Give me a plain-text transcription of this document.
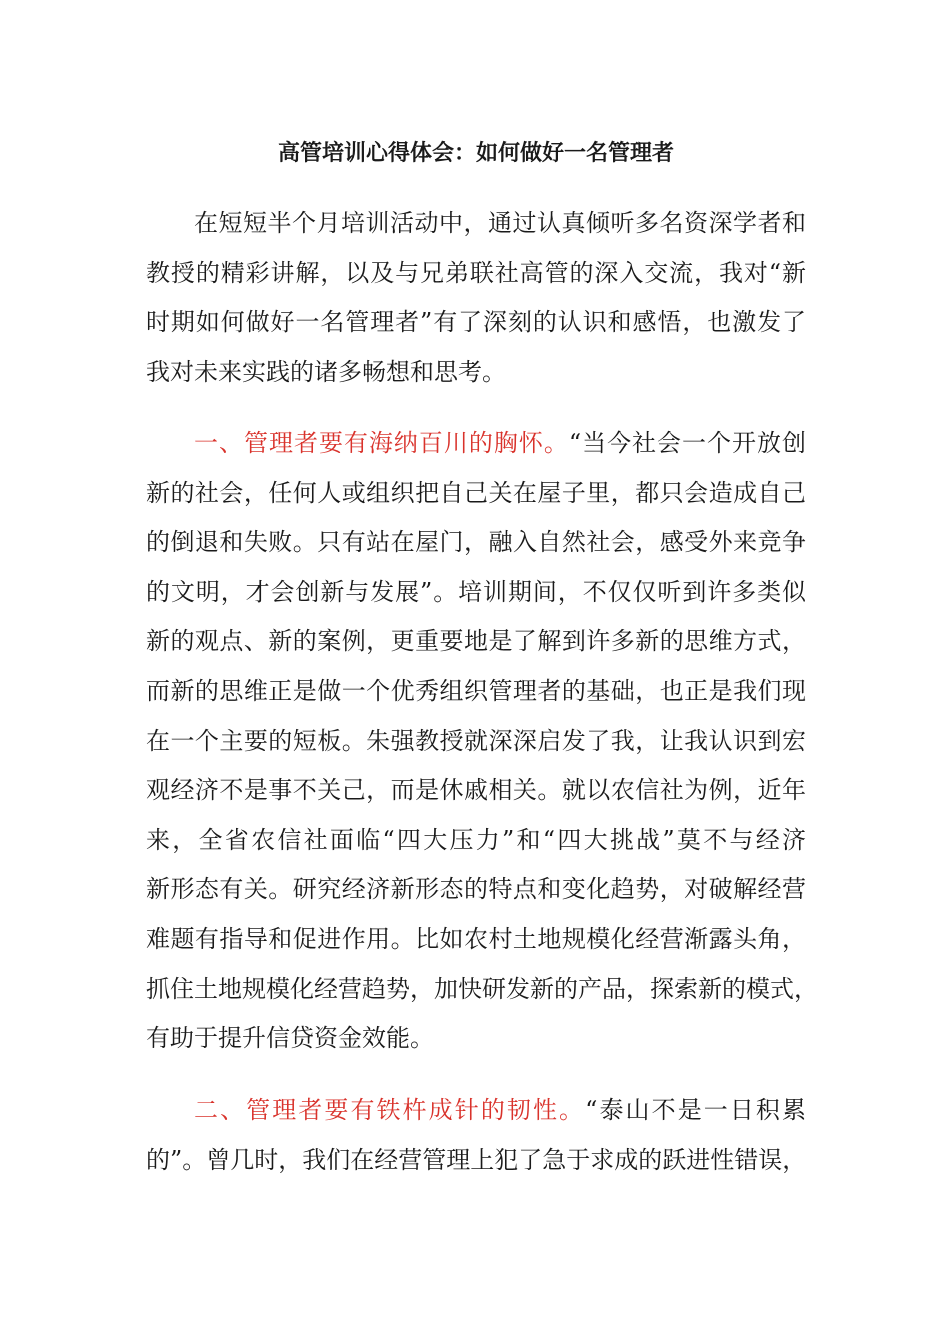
高管培训心得体会：如何做好一名管理者
在短短半个月培训活动中，通过认真倾听多名资深学者和
教授的精彩讲解，以及与兄弟联社高管的深入交流，我对“新
时期如何做好一名管理者”有了深刻的认识和感悟，也激发了
我对未来实践的诸多畅想和思考。
一、管理者要有海纳百川的胸怀。“当今社会一个开放创
新的社会，任何人或组织把自己关在屋子里，都只会造成自己
的倒退和失败。只有站在屋门，融入自然社会，感受外来竞争
的文明，才会创新与发展”。培训期间，不仅仅听到许多类似
新的观点、新的案例，更重要地是了解到许多新的思维方式，
而新的思维正是做一个优秀组织管理者的基础，也正是我们现
在一个主要的短板。朱强教授就深深启发了我，让我认识到宏
观经济不是事不关己，而是休戚相关。就以农信社为例，近年
来，全省农信社面临“四大压力”和“四大挑战”莫不与经济
新形态有关。研究经济新形态的特点和变化趋势，对破解经营
难题有指导和促进作用。比如农村土地规模化经营渐露头角，
抓住土地规模化经营趋势，加快研发新的产品，探索新的模式，
有助于提升信贷资金效能。
二、管理者要有铁杵成针的韧性。“泰山不是一日积累
的”。曾几时，我们在经营管理上犯了急于求成的跃进性错误，
